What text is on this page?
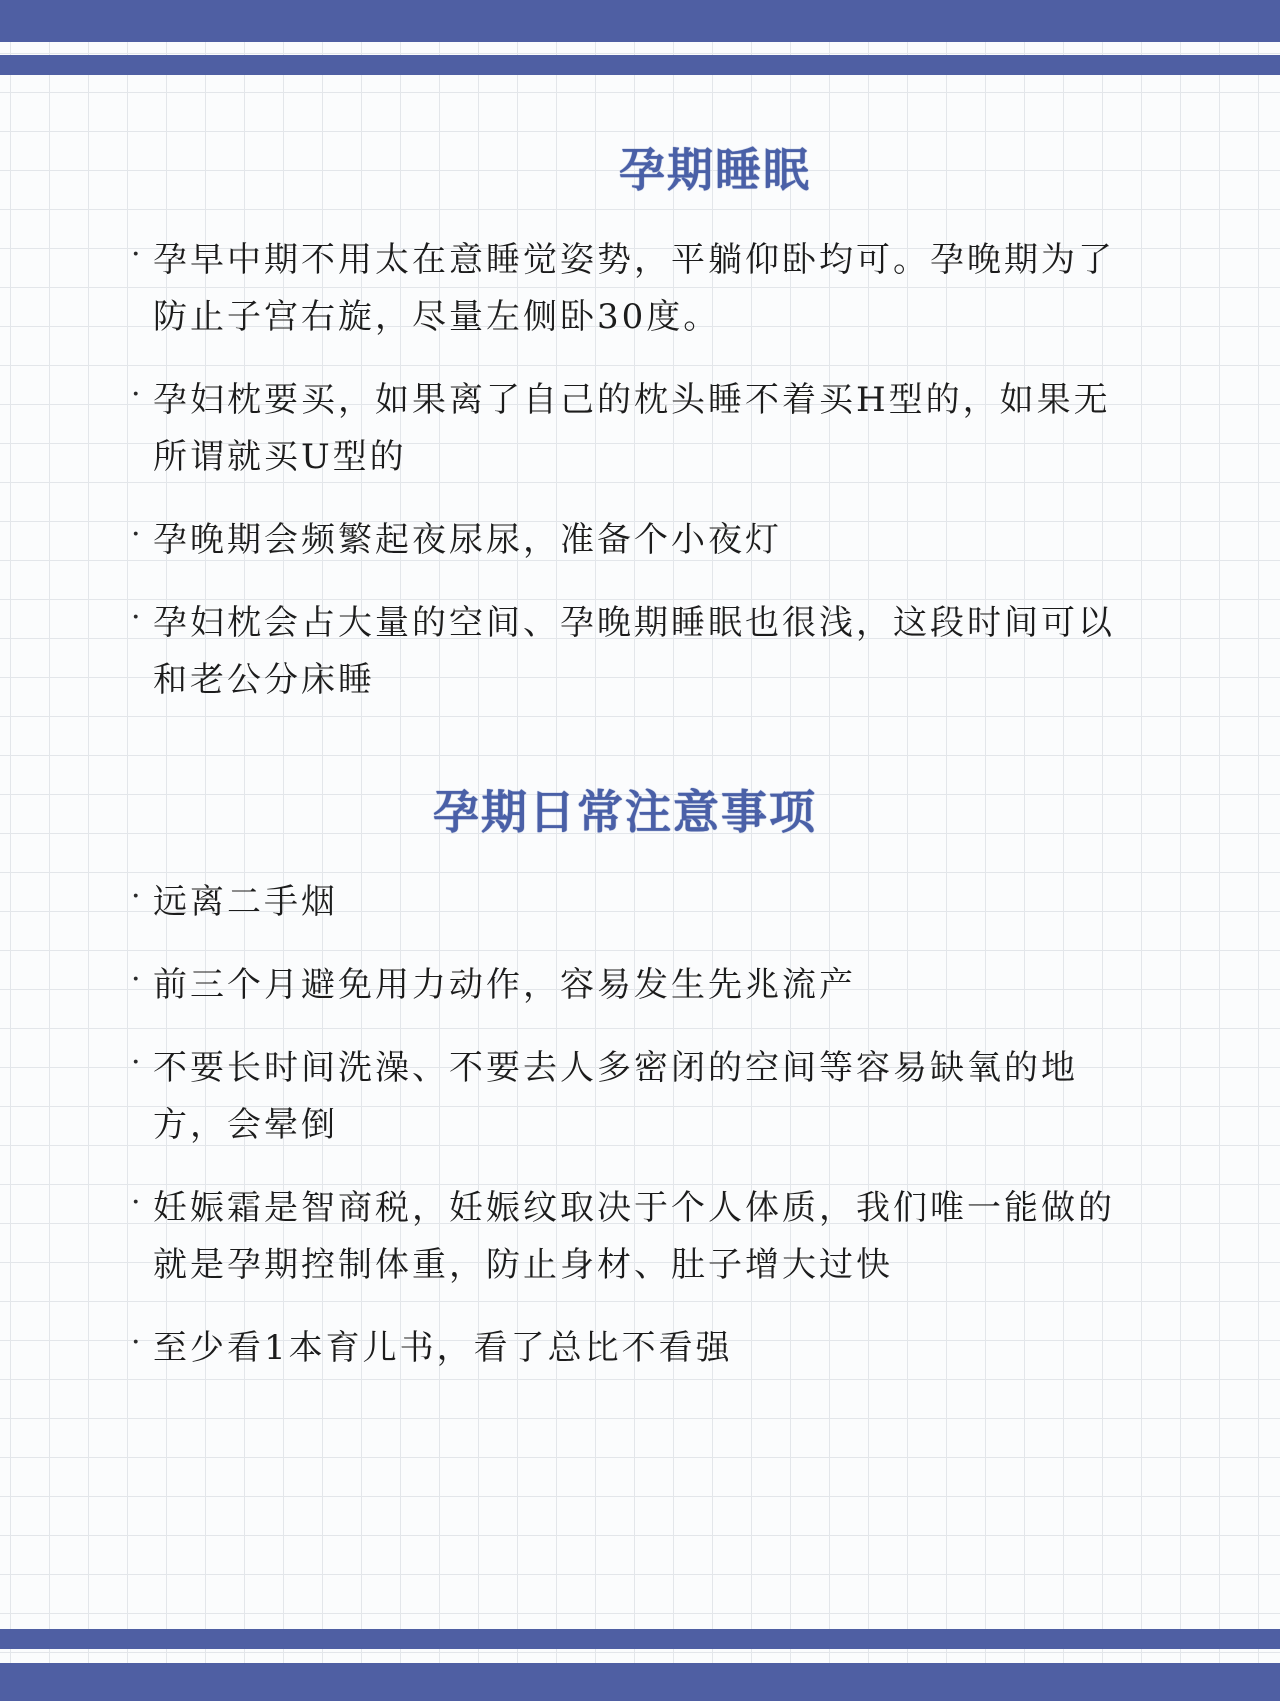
孕期睡眠
· 孕早中期不用太在意睡觉姿势，平躺仰卧均可。孕晚期为了防止子宫右旋，尽量左侧卧30度。
· 孕妇枕要买，如果离了自己的枕头睡不着买H型的，如果无所谓就买U型的
· 孕晚期会频繁起夜尿尿，准备个小夜灯
· 孕妇枕会占大量的空间、孕晚期睡眠也很浅，这段时间可以和老公分床睡
孕期日常注意事项
· 远离二手烟
· 前三个月避免用力动作，容易发生先兆流产
· 不要长时间洗澡、不要去人多密闭的空间等容易缺氧的地方，会晕倒
· 妊娠霜是智商税，妊娠纹取决于个人体质，我们唯一能做的就是孕期控制体重，防止身材、肚子增大过快
· 至少看1本育儿书，看了总比不看强
